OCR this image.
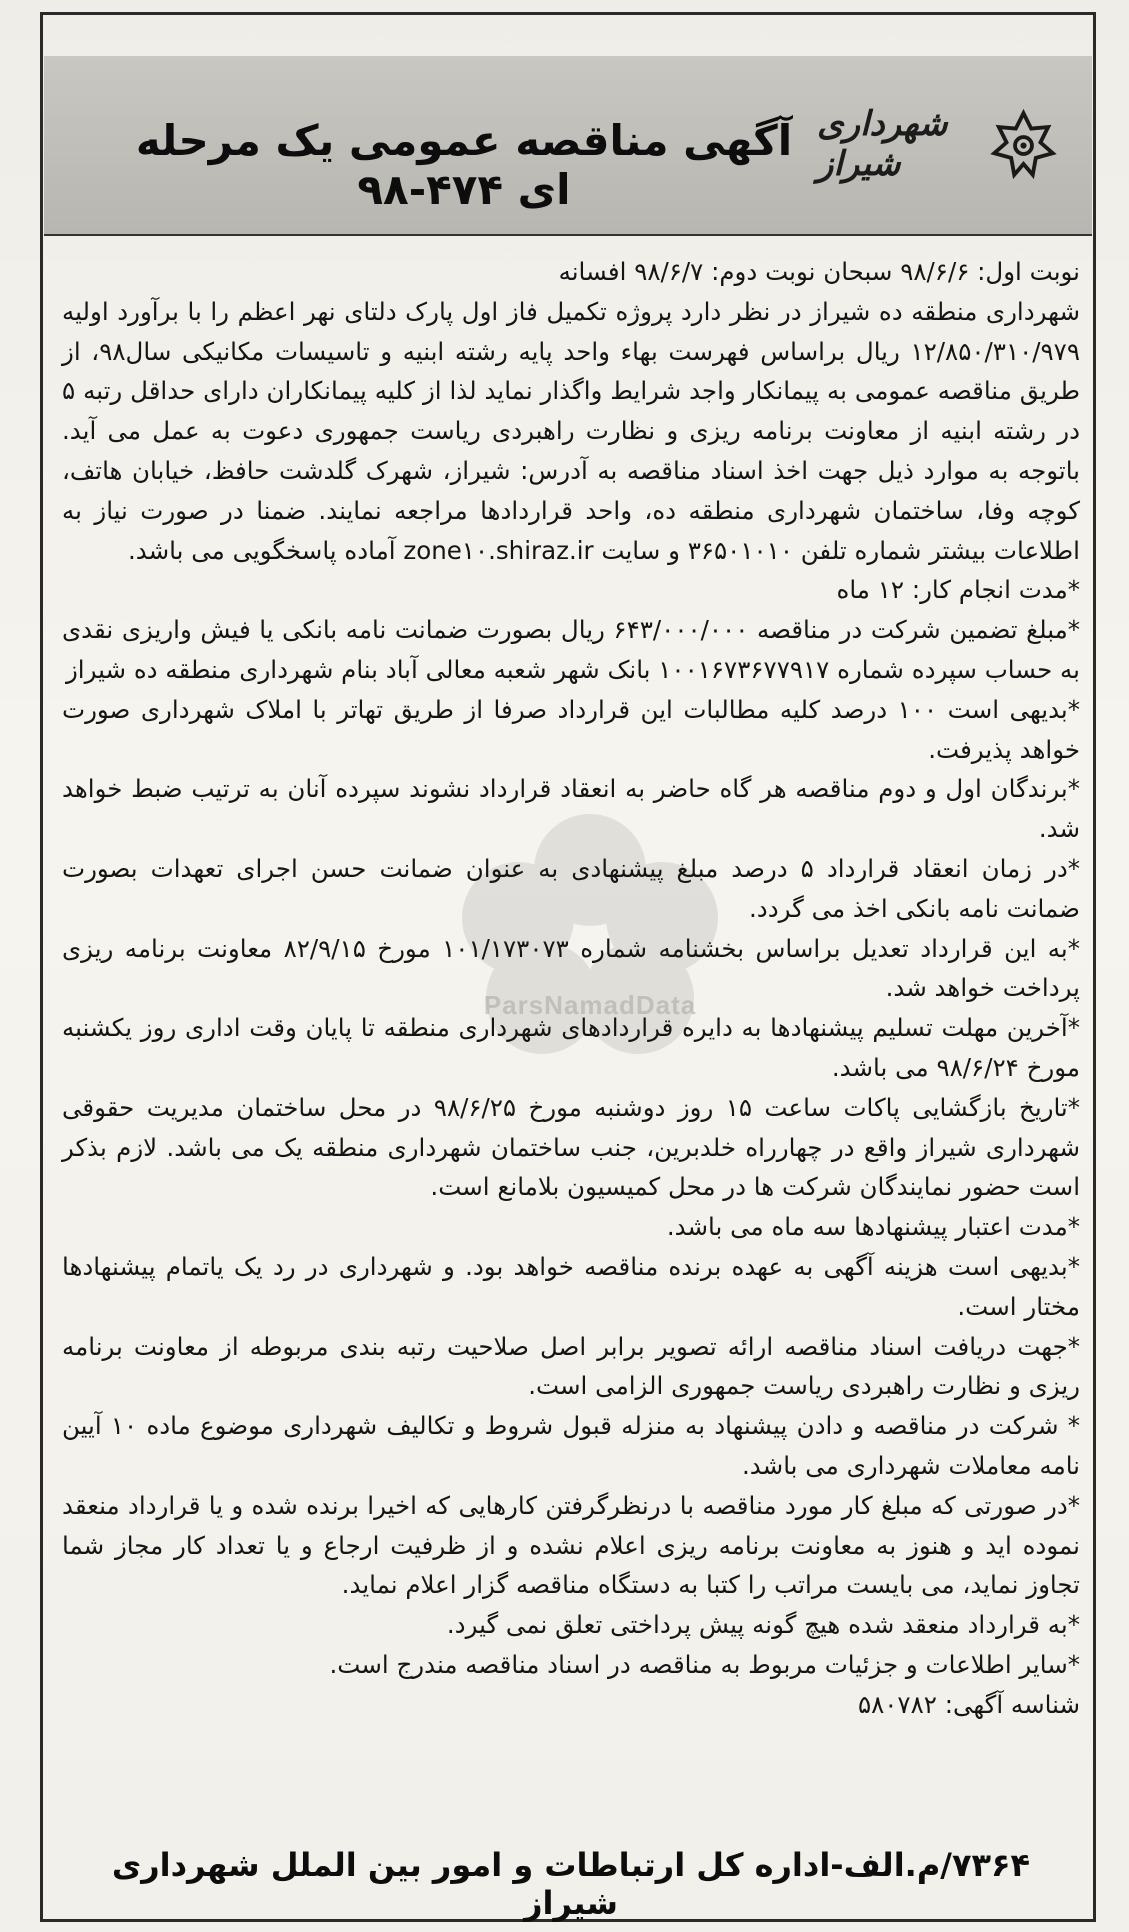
شهرداری شیراز
آگهی مناقصه عمومی یک مرحله ای ۴۷۴-۹۸
ParsNamadData

نوبت اول: ۹۸/۶/۶ سبحان نوبت دوم: ۹۸/۶/۷ افسانه

شهرداری منطقه ده شیراز در نظر دارد پروژه تکمیل فاز اول پارک دلتای نهر اعظم را با برآورد اولیه ۱۲/۸۵۰/۳۱۰/۹۷۹ ریال براساس فهرست بهاء واحد پایه رشته ابنیه و تاسیسات مکانیکی سال۹۸، از طریق مناقصه عمومی به پیمانکار واجد شرایط واگذار نماید لذا از کلیه پیمانکاران دارای حداقل رتبه ۵ در رشته ابنیه از معاونت برنامه ریزی و نظارت راهبردی ریاست جمهوری دعوت به عمل می آید. باتوجه به موارد ذیل جهت اخذ اسناد مناقصه به آدرس: شیراز، شهرک گلدشت حافظ، خیابان هاتف، کوچه وفا، ساختمان شهرداری منطقه ده، واحد قراردادها مراجعه نمایند. ضمنا در صورت نیاز به اطلاعات بیشتر شماره تلفن ۳۶۵۰۱۰۱۰ و سایت zone۱۰.shiraz.ir آماده پاسخگویی می باشد.

*مدت انجام کار: ۱۲ ماه

*مبلغ تضمین شرکت در مناقصه ۶۴۳/۰۰۰/۰۰۰ ریال بصورت ضمانت نامه بانکی یا فیش واریزی نقدی به حساب سپرده شماره ۱۰۰۱۶۷۳۶۷۷۹۱۷ بانک شهر شعبه معالی آباد بنام شهرداری منطقه ده شیراز

*بدیهی است ۱۰۰ درصد کلیه مطالبات این قرارداد صرفا از طریق تهاتر با املاک شهرداری صورت خواهد پذیرفت.

*برندگان اول و دوم مناقصه هر گاه حاضر به انعقاد قرارداد نشوند سپرده آنان به ترتیب ضبط خواهد شد.

*در زمان انعقاد قرارداد ۵ درصد مبلغ پیشنهادی به عنوان ضمانت حسن اجرای تعهدات بصورت ضمانت نامه بانکی اخذ می گردد.

*به این قرارداد تعدیل براساس بخشنامه شماره ۱۰۱/۱۷۳۰۷۳ مورخ ۸۲/۹/۱۵ معاونت برنامه ریزی پرداخت خواهد شد.

*آخرین مهلت تسلیم پیشنهادها به دایره قراردادهای شهرداری منطقه تا پایان وقت اداری روز یکشنبه مورخ ۹۸/۶/۲۴ می باشد.

*تاریخ بازگشایی پاکات ساعت ۱۵ روز دوشنبه مورخ ۹۸/۶/۲۵ در محل ساختمان مدیریت حقوقی شهرداری شیراز واقع در چهارراه خلدبرین، جنب ساختمان شهرداری منطقه یک می باشد. لازم بذکر است حضور نمایندگان شرکت ها در محل کمیسیون بلامانع است.

*مدت اعتبار پیشنهادها سه ماه می باشد.

*بدیهی است هزینه آگهی به عهده برنده مناقصه خواهد بود. و شهرداری در رد یک یاتمام پیشنهادها مختار است.

*جهت دریافت اسناد مناقصه ارائه تصویر برابر اصل صلاحیت رتبه بندی مربوطه از معاونت برنامه ریزی و نظارت راهبردی ریاست جمهوری الزامی است.

* شرکت در مناقصه و دادن پیشنهاد به منزله قبول شروط و تکالیف شهرداری موضوع ماده ۱۰ آیین نامه معاملات شهرداری می باشد.

*در صورتی که مبلغ کار مورد مناقصه با درنظرگرفتن کارهایی که اخیرا برنده شده و یا قرارداد منعقد نموده اید و هنوز به معاونت برنامه ریزی اعلام نشده و از ظرفیت ارجاع و یا تعداد کار مجاز شما تجاوز نماید، می بایست مراتب را کتبا به دستگاه مناقصه گزار اعلام نماید.

*به قرارداد منعقد شده هیچ گونه پیش پرداختی تعلق نمی گیرد.

*سایر اطلاعات و جزئیات مربوط به مناقصه در اسناد مناقصه مندرج است.

شناسه آگهی: ۵۸۰۷۸۲

۷۳۶۴/م.الف-اداره کل ارتباطات و امور بین الملل شهرداری شیراز
